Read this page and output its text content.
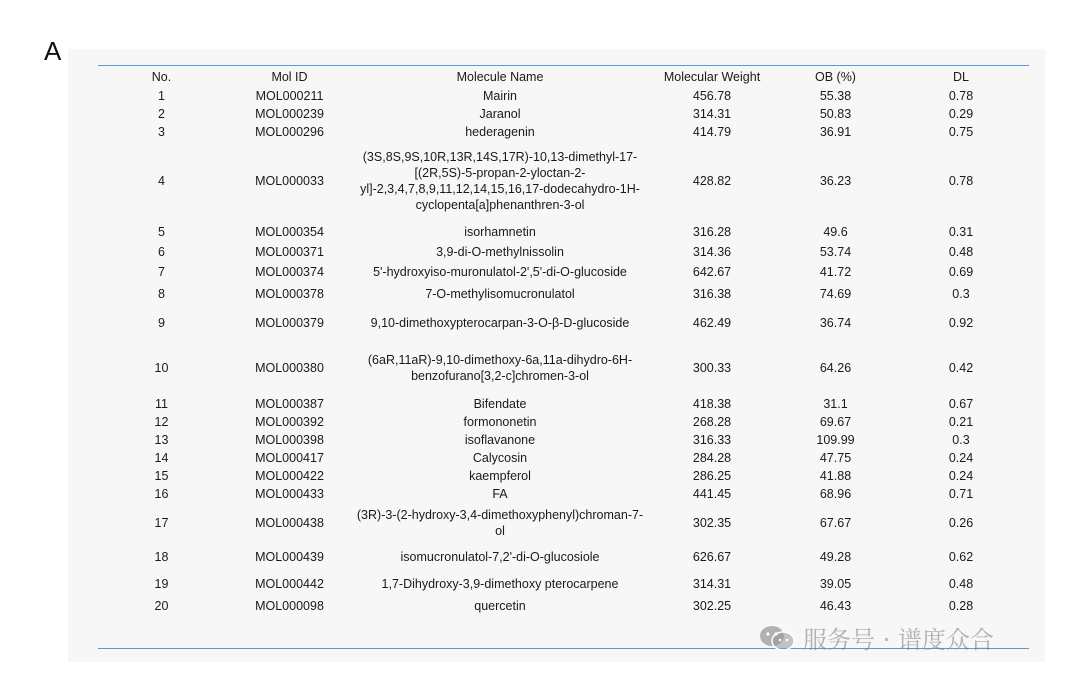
A
No.	Mol ID	Molecule Name	Molecular Weight	OB (%)	DL
1	MOL000211	Mairin	456.78	55.38	0.78
2	MOL000239	Jaranol	314.31	50.83	0.29
3	MOL000296	hederagenin	414.79	36.91	0.75
4	MOL000033	(3S,8S,9S,10R,13R,14S,17R)-10,13-dimethyl-17-[(2R,5S)-5-propan-2-yloctan-2-yl]-2,3,4,7,8,9,11,12,14,15,16,17-dodecahydro-1H-cyclopenta[a]phenanthren-3-ol	428.82	36.23	0.78
5	MOL000354	isorhamnetin	316.28	49.6	0.31
6	MOL000371	3,9-di-O-methylnissolin	314.36	53.74	0.48
7	MOL000374	5'-hydroxyiso-muronulatol-2',5'-di-O-glucoside	642.67	41.72	0.69
8	MOL000378	7-O-methylisomucronulatol	316.38	74.69	0.3
9	MOL000379	9,10-dimethoxypterocarpan-3-O-β-D-glucoside	462.49	36.74	0.92
10	MOL000380	(6aR,11aR)-9,10-dimethoxy-6a,11a-dihydro-6H-benzofurano[3,2-c]chromen-3-ol	300.33	64.26	0.42
11	MOL000387	Bifendate	418.38	31.1	0.67
12	MOL000392	formononetin	268.28	69.67	0.21
13	MOL000398	isoflavanone	316.33	109.99	0.3
14	MOL000417	Calycosin	284.28	47.75	0.24
15	MOL000422	kaempferol	286.25	41.88	0.24
16	MOL000433	FA	441.45	68.96	0.71
17	MOL000438	(3R)-3-(2-hydroxy-3,4-dimethoxyphenyl)chroman-7-ol	302.35	67.67	0.26
18	MOL000439	isomucronulatol-7,2'-di-O-glucosiole	626.67	49.28	0.62
19	MOL000442	1,7-Dihydroxy-3,9-dimethoxy pterocarpene	314.31	39.05	0.48
20	MOL000098	quercetin	302.25	46.43	0.28
服务号 · 谱度众合
